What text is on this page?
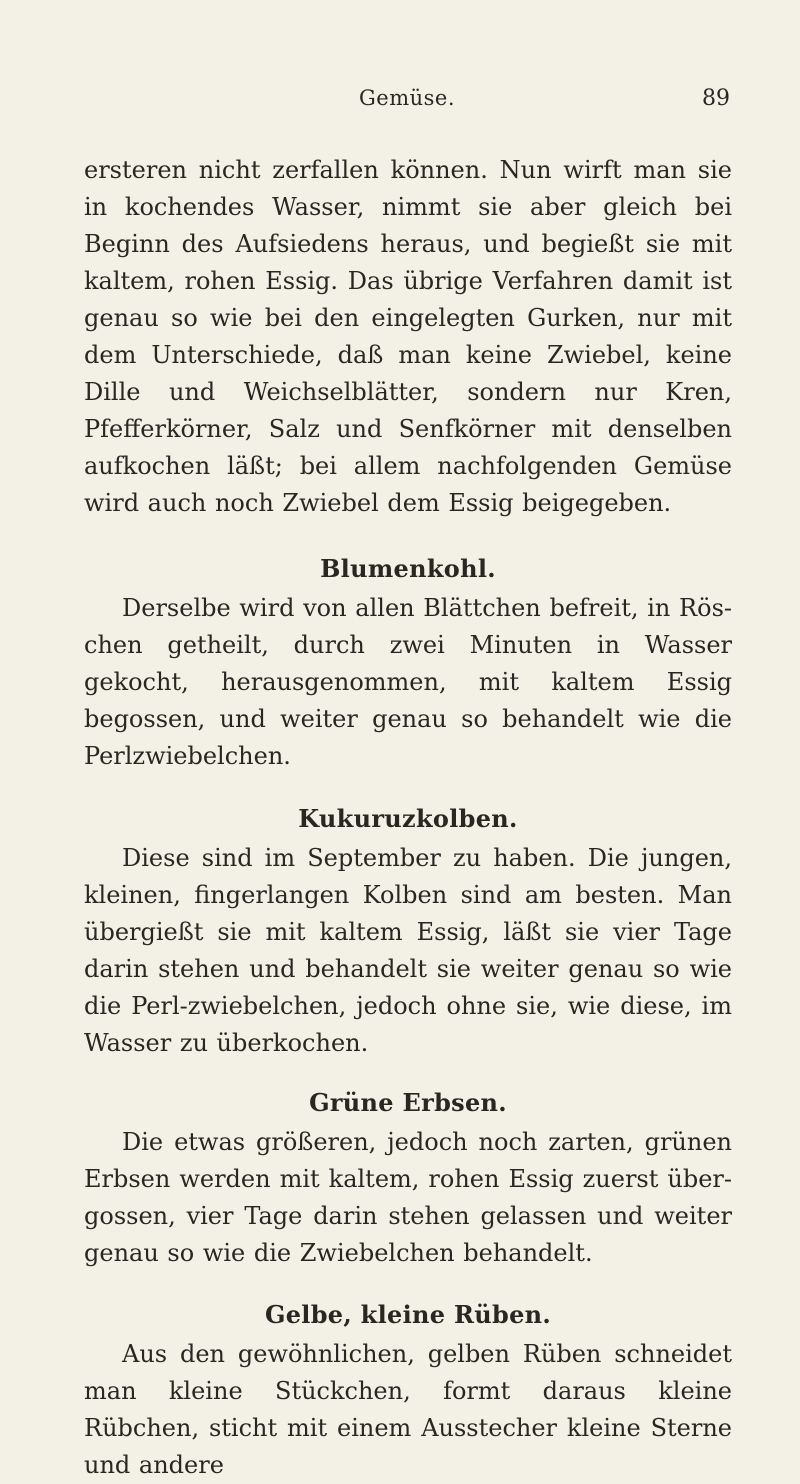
Gemüse.	89

ersteren nicht zerfallen können. Nun wirft man sie in kochendes Wasser, nimmt sie aber gleich bei Beginn des Aufsiedens heraus, und begießt sie mit kaltem, rohen Essig. Das übrige Verfahren damit ist genau so wie bei den eingelegten Gurken, nur mit dem Unterschiede, daß man keine Zwiebel, keine Dille und Weichselblätter, sondern nur Kren, Pfefferkörner, Salz und Senfkörner mit denselben aufkochen läßt; bei allem nachfolgenden Gemüse wird auch noch Zwiebel dem Essig beigegeben.

Blumenkohl.

Derselbe wird von allen Blättchen befreit, in Rös-chen getheilt, durch zwei Minuten in Wasser gekocht, herausgenommen, mit kaltem Essig begossen, und weiter genau so behandelt wie die Perlzwiebelchen.

Kukuruzkolben.

Diese sind im September zu haben. Die jungen, kleinen, fingerlangen Kolben sind am besten. Man übergießt sie mit kaltem Essig, läßt sie vier Tage darin stehen und behandelt sie weiter genau so wie die Perl-zwiebelchen, jedoch ohne sie, wie diese, im Wasser zu überkochen.

Grüne Erbsen.

Die etwas größeren, jedoch noch zarten, grünen Erbsen werden mit kaltem, rohen Essig zuerst über-gossen, vier Tage darin stehen gelassen und weiter genau so wie die Zwiebelchen behandelt.

Gelbe, kleine Rüben.

Aus den gewöhnlichen, gelben Rüben schneidet man kleine Stückchen, formt daraus kleine Rübchen, sticht mit einem Ausstecher kleine Sterne und andere
